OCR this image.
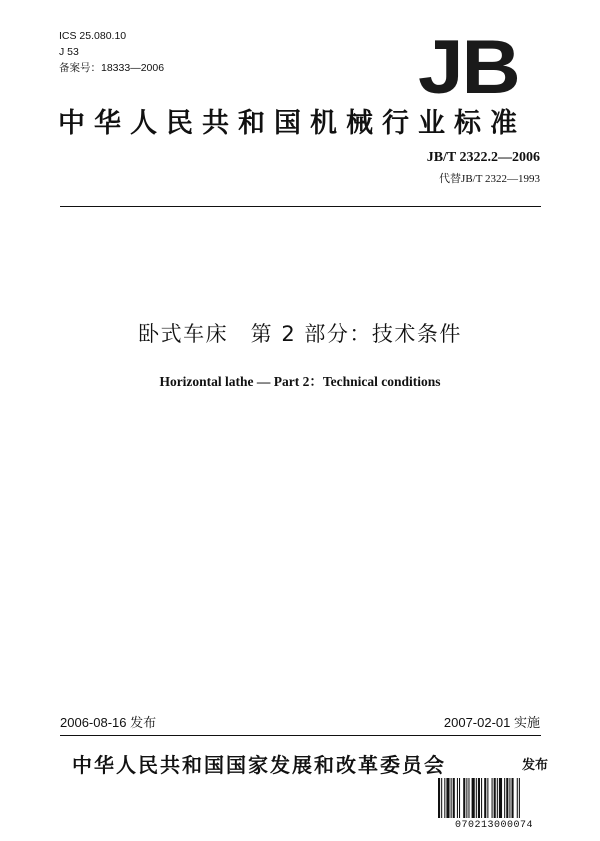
ICS 25.080.10
J 53
备案号：18333—2006	JB
中华人民共和国机械行业标准
JB/T 2322.2—2006
代替JB/T 2322—1993
卧式车床　第 2 部分：技术条件
Horizontal lathe — Part 2：Technical conditions
2006-08-16 发布	2007-02-01 实施
中华人民共和国国家发展和改革委员会	发布
070213000074
